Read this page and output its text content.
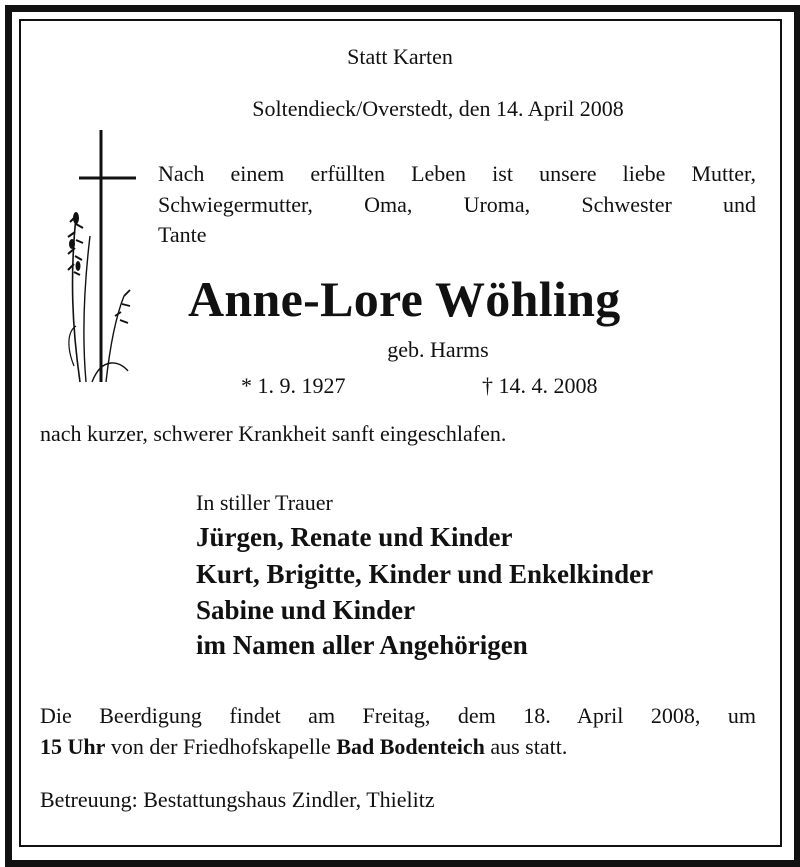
Statt Karten
Soltendieck/Overstedt, den 14. April 2008
Nach einem erfüllten Leben ist unsere liebe Mutter,
Schwiegermutter, Oma, Uroma, Schwester und
Tante
Anne-Lore Wöhling
geb. Harms
* 1. 9. 1927	† 14. 4. 2008
nach kurzer, schwerer Krankheit sanft eingeschlafen.
In stiller Trauer
Jürgen, Renate und Kinder
Kurt, Brigitte, Kinder und Enkelkinder
Sabine und Kinder
im Namen aller Angehörigen
Die Beerdigung findet am Freitag, dem 18. April 2008, um
15 Uhr von der Friedhofskapelle Bad Bodenteich aus statt.
Betreuung: Bestattungshaus Zindler, Thielitz
